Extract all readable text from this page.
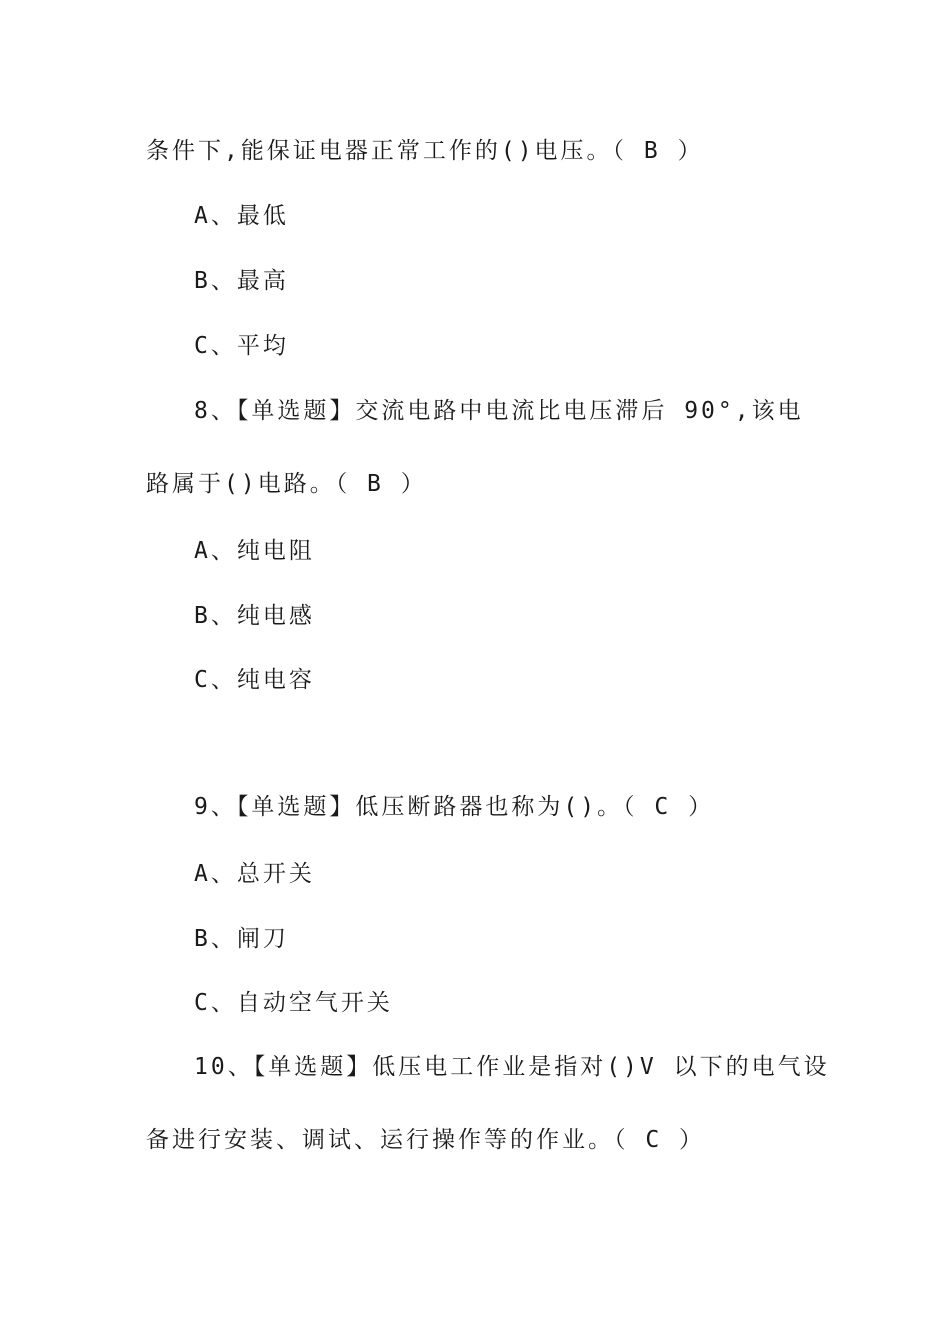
条件下,能保证电器正常工作的()电压。（ B ）
A、最低
B、最高
C、平均
8、【单选题】交流电路中电流比电压滞后 90°,该电
路属于()电路。（ B ）
A、纯电阻
B、纯电感
C、纯电容
9、【单选题】低压断路器也称为()。（ C ）
A、总开关
B、闸刀
C、自动空气开关
10、【单选题】低压电工作业是指对()V 以下的电气设
备进行安装、调试、运行操作等的作业。（ C ）
